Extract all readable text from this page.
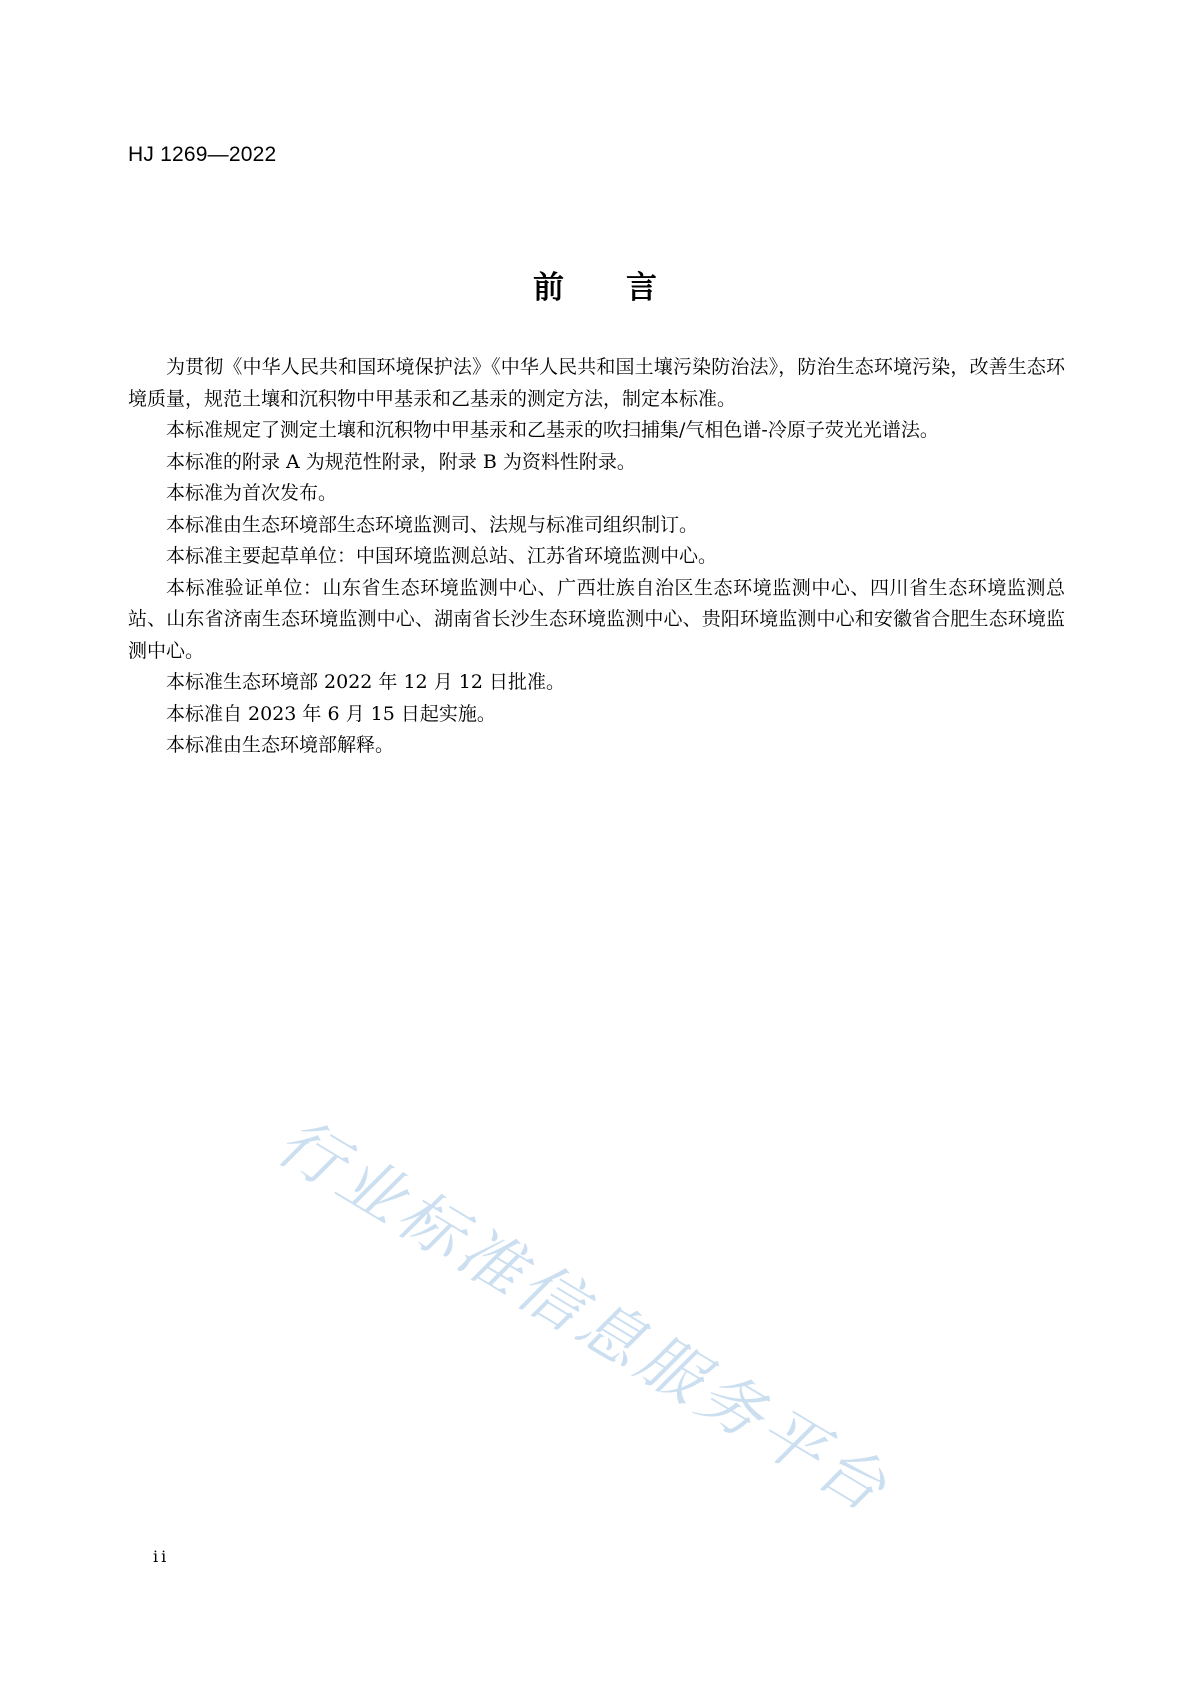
HJ 1269—2022
前 言

为贯彻《中华人民共和国环境保护法》《中华人民共和国土壤污染防治法》，防治生态环境污染，改善生态环境质量，规范土壤和沉积物中甲基汞和乙基汞的测定方法，制定本标准。

本标准规定了测定土壤和沉积物中甲基汞和乙基汞的吹扫捕集/气相色谱-冷原子荧光光谱法。

本标准的附录 A 为规范性附录，附录 B 为资料性附录。

本标准为首次发布。

本标准由生态环境部生态环境监测司、法规与标准司组织制订。

本标准主要起草单位：中国环境监测总站、江苏省环境监测中心。

本标准验证单位：山东省生态环境监测中心、广西壮族自治区生态环境监测中心、四川省生态环境监测总站、山东省济南生态环境监测中心、湖南省长沙生态环境监测中心、贵阳环境监测中心和安徽省合肥生态环境监测中心。

本标准生态环境部 2022 年 12 月 12 日批准。

本标准自 2023 年 6 月 15 日起实施。

本标准由生态环境部解释。

行业标准信息服务平台
ii
